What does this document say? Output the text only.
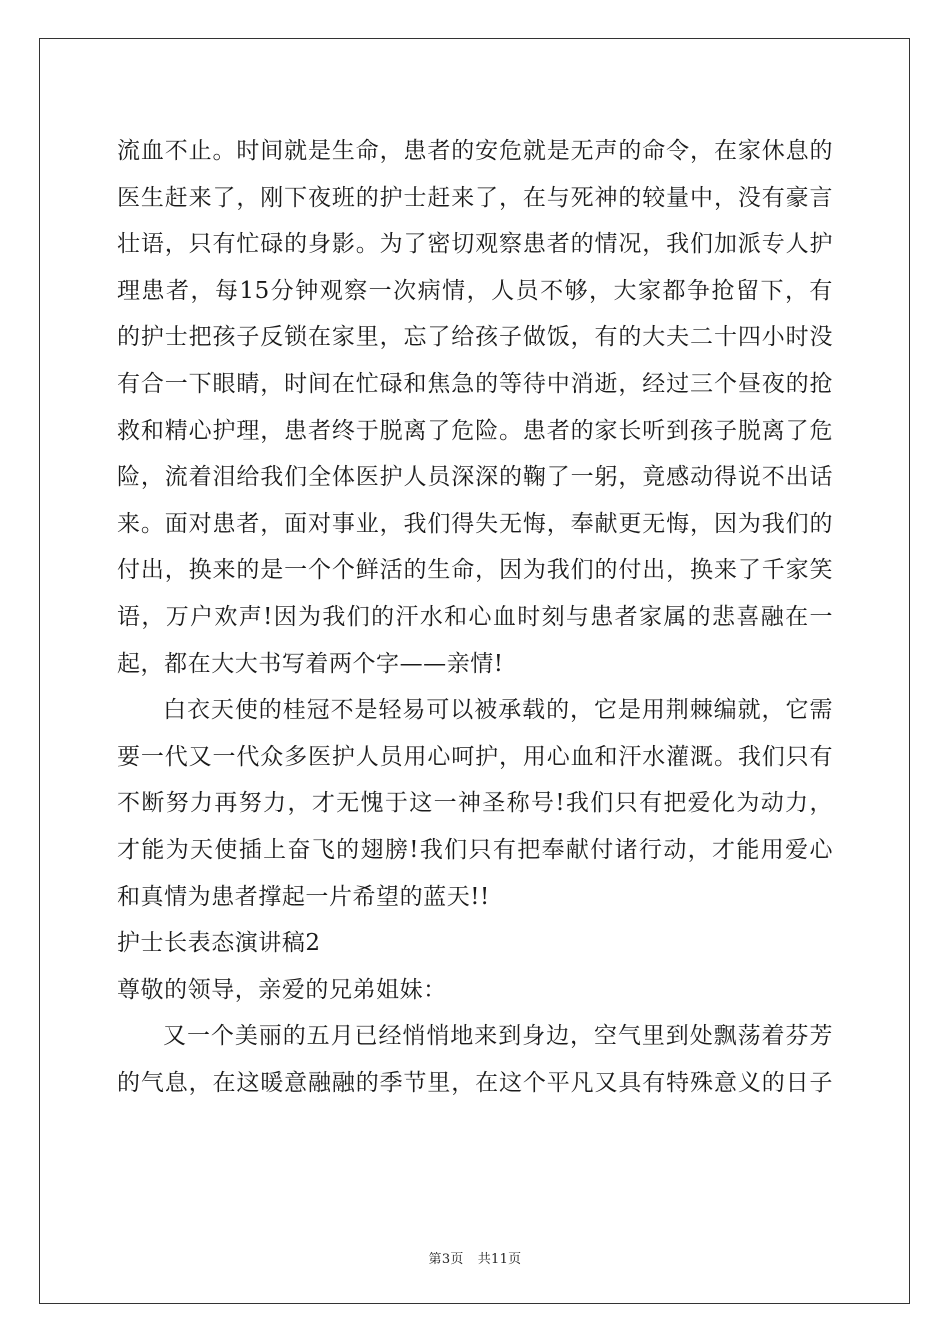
流血不止。时间就是生命，患者的安危就是无声的命令，在家休息的
医生赶来了，刚下夜班的护士赶来了，在与死神的较量中，没有豪言
壮语，只有忙碌的身影。为了密切观察患者的情况，我们加派专人护
理患者，每15分钟观察一次病情，人员不够，大家都争抢留下，有
的护士把孩子反锁在家里，忘了给孩子做饭，有的大夫二十四小时没
有合一下眼睛，时间在忙碌和焦急的等待中消逝，经过三个昼夜的抢
救和精心护理，患者终于脱离了危险。患者的家长听到孩子脱离了危
险，流着泪给我们全体医护人员深深的鞠了一躬，竟感动得说不出话
来。面对患者，面对事业，我们得失无悔，奉献更无悔，因为我们的
付出，换来的是一个个鲜活的生命，因为我们的付出，换来了千家笑
语，万户欢声!因为我们的汗水和心血时刻与患者家属的悲喜融在一
起，都在大大书写着两个字——亲情!
白衣天使的桂冠不是轻易可以被承载的，它是用荆棘编就，它需
要一代又一代众多医护人员用心呵护，用心血和汗水灌溉。我们只有
不断努力再努力，才无愧于这一神圣称号!我们只有把爱化为动力，
才能为天使插上奋飞的翅膀!我们只有把奉献付诸行动，才能用爱心
和真情为患者撑起一片希望的蓝天!!
护士长表态演讲稿2
尊敬的领导，亲爱的兄弟姐妹：
又一个美丽的五月已经悄悄地来到身边，空气里到处飘荡着芬芳
的气息，在这暖意融融的季节里，在这个平凡又具有特殊意义的日子
第3页 共11页
